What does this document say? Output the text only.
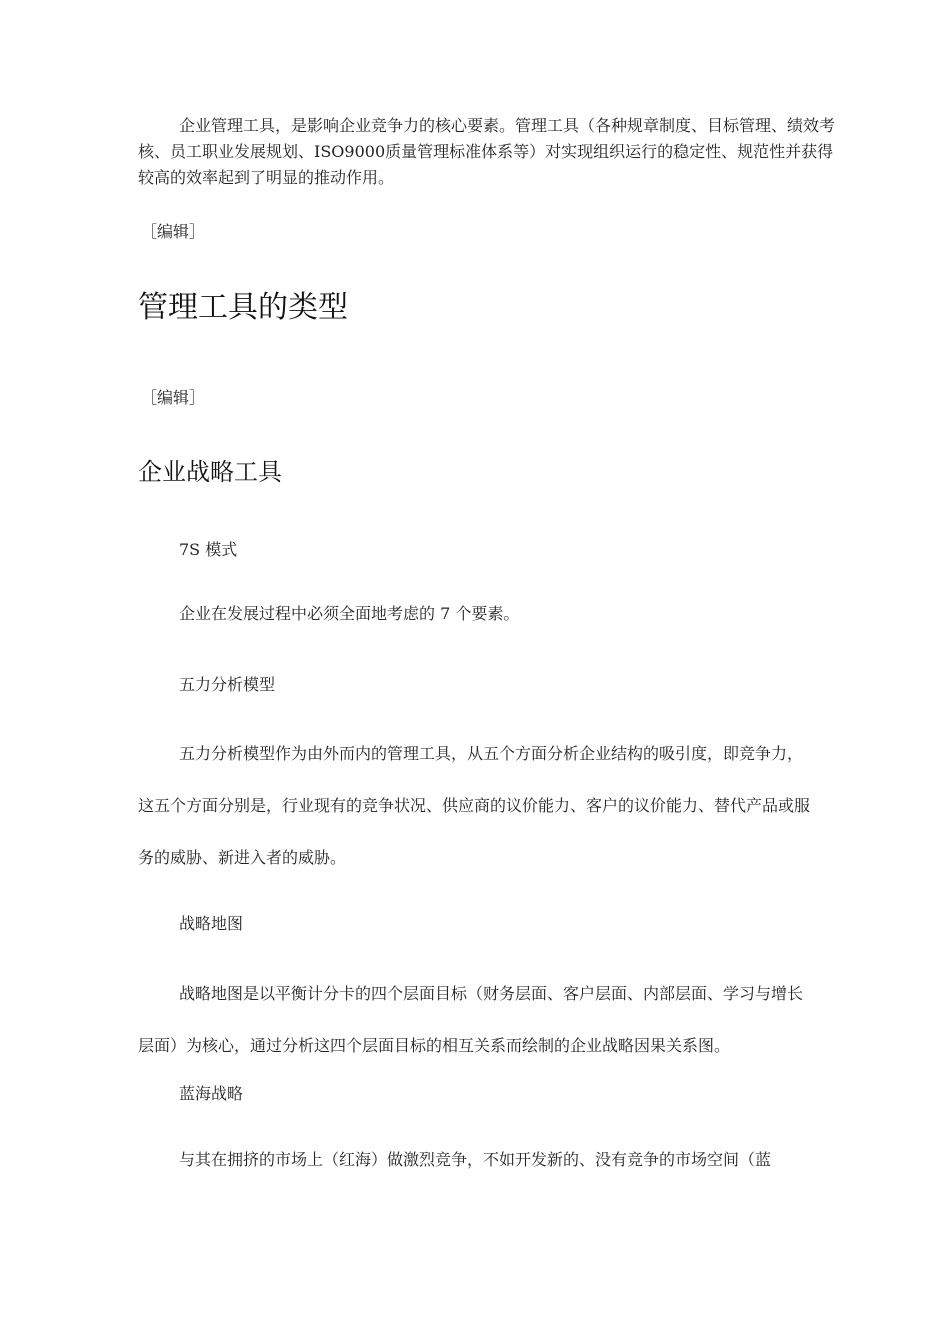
企业管理工具，是影响企业竞争力的核心要素。管理工具（各种规章制度、目标管理、绩效考核、员工职业发展规划、ISO9000质量管理标准体系等）对实现组织运行的稳定性、规范性并获得较高的效率起到了明显的推动作用。

［编辑］
管理工具的类型
［编辑］
企业战略工具
7S 模式
企业在发展过程中必须全面地考虑的 7 个要素。
五力分析模型

五力分析模型作为由外而内的管理工具，从五个方面分析企业结构的吸引度，即竞争力，这五个方面分别是，行业现有的竞争状况、供应商的议价能力、客户的议价能力、替代产品或服务的威胁、新进入者的威胁。

战略地图

战略地图是以平衡计分卡的四个层面目标（财务层面、客户层面、内部层面、学习与增长层面）为核心，通过分析这四个层面目标的相互关系而绘制的企业战略因果关系图。

蓝海战略

与其在拥挤的市场上（红海）做激烈竞争，不如开发新的、没有竞争的市场空间（蓝
